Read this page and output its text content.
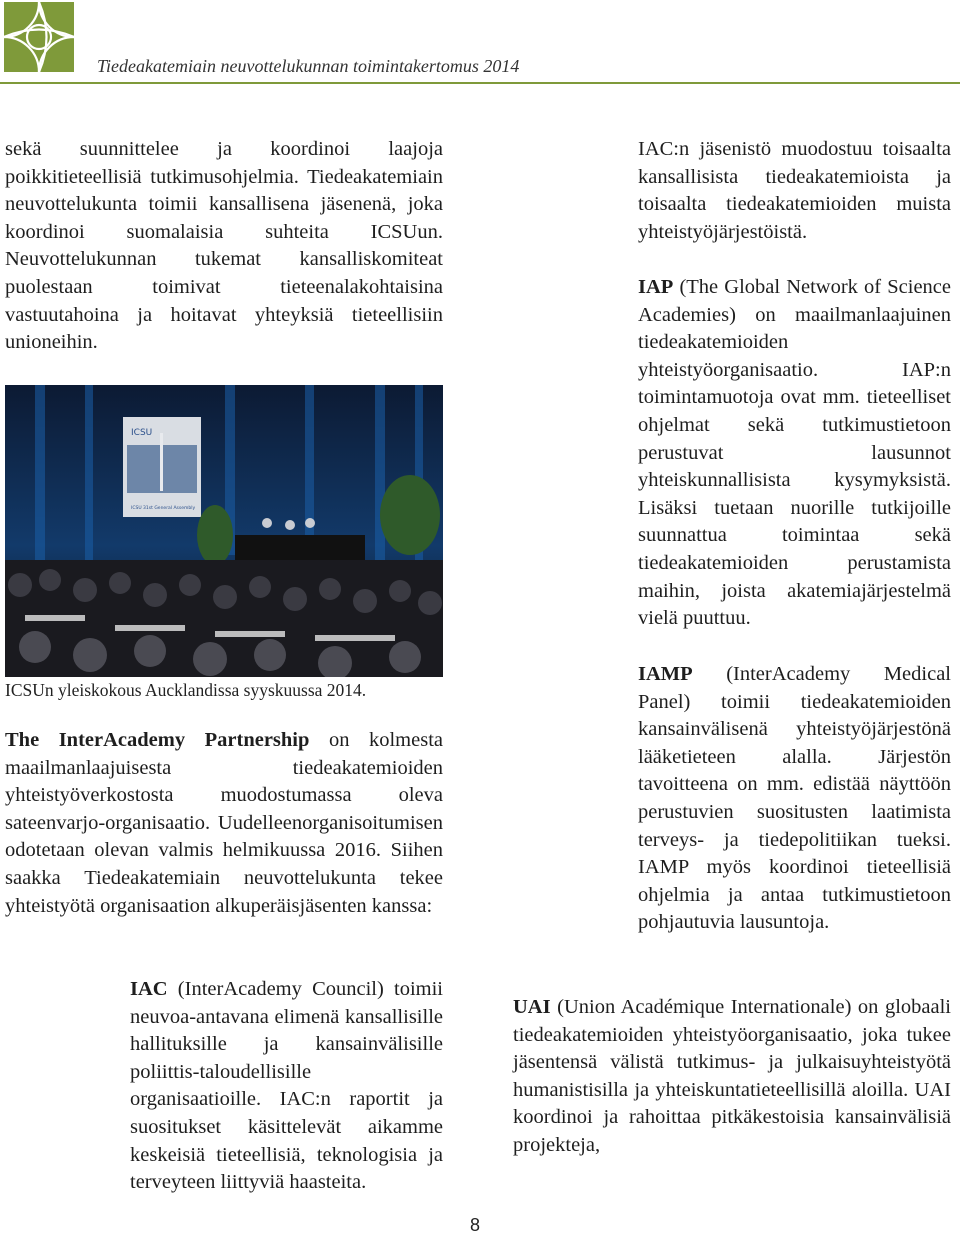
Tiedeakatemiain neuvottelukunnan toimintakertomus 2014

sekä suunnittelee ja koordinoi laajoja poikkitieteellisiä tutkimusohjelmia. Tiedeakatemiain neuvottelukunta toimii kansallisena jäsenenä, joka koordinoi suomalaisia suhteita ICSUun. Neuvottelukunnan tukemat kansalliskomiteat puolestaan toimivat tieteenalakohtaisina vastuutahoina ja hoitavat yhteyksiä tieteellisiin unioneihin.

ICSU
ICSU 31st General Assembly
ICSUn yleiskokous Aucklandissa syyskuussa 2014.

The InterAcademy Partnership on kolmesta maailmanlaajuisesta tiedeakatemioiden yhteistyöverkostosta muodostumassa oleva sateenvarjo-organisaatio. Uudelleenorganisoitumisen odotetaan olevan valmis helmikuussa 2016. Siihen saakka Tiedeakatemiain neuvottelukunta tekee yhteistyötä organisaation alkuperäisjäsenten kanssa:

IAC (InterAcademy Council) toimii neuvoa-antavana elimenä kansallisille hallituksille ja kansainvälisille poliittis-taloudellisille organisaatioille. IAC:n raportit ja suositukset käsittelevät aikamme keskeisiä tieteellisiä, teknologisia ja terveyteen liittyviä haasteita.

IAC:n jäsenistö muodostuu toisaalta kansallisista tiedeakatemioista ja toisaalta tiedeakatemioiden muista yhteistyöjärjestöistä.

IAP (The Global Network of Science Academies) on maailmanlaajuinen tiedeakatemioiden yhteistyöorganisaatio. IAP:n toimintamuotoja ovat mm. tieteelliset ohjelmat sekä tutkimustietoon perustuvat lausunnot yhteiskunnallisista kysymyksistä. Lisäksi tuetaan nuorille tutkijoille suunnattua toimintaa sekä tiedeakatemioiden perustamista maihin, joista akatemiajärjestelmä vielä puuttuu.

IAMP (InterAcademy Medical Panel) toimii tiedeakatemioiden kansainvälisenä yhteistyöjärjestönä lääketieteen alalla. Järjestön tavoitteena on mm. edistää näyttöön perustuvien suositusten laatimista terveys- ja tiedepolitiikan tueksi. IAMP myös koordinoi tieteellisiä ohjelmia ja antaa tutkimustietoon pohjautuvia lausuntoja.

UAI (Union Académique Internationale) on globaali tiedeakatemioiden yhteistyöorganisaatio, joka tukee jäsentensä välistä tutkimus- ja julkaisuyhteistyötä humanistisilla ja yhteiskuntatieteellisillä aloilla. UAI koordinoi ja rahoittaa pitkäkestoisia kansainvälisiä projekteja,

8
